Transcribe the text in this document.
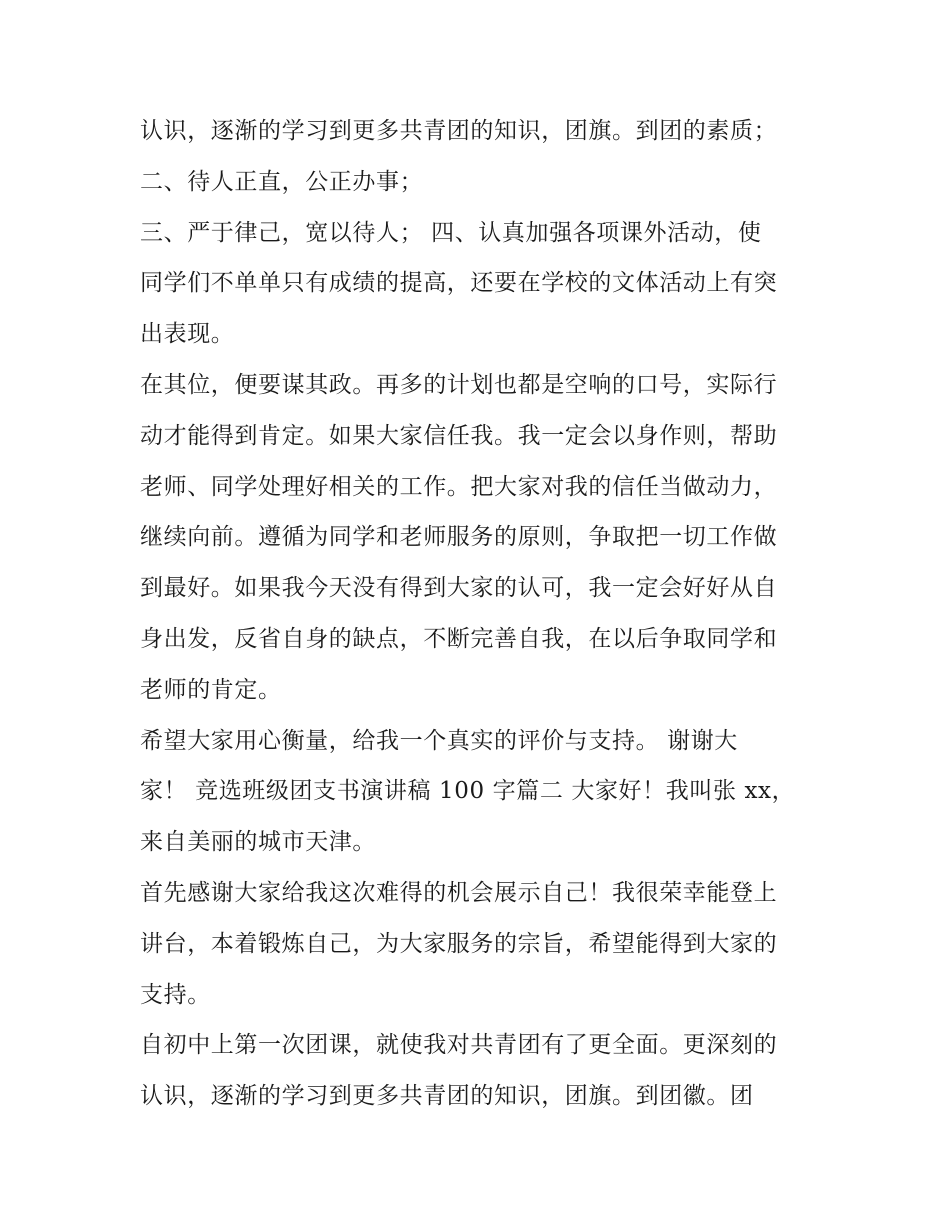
认识，逐渐的学习到更多共青团的知识，团旗。到团的素质；
二、待人正直，公正办事；
三、严于律己，宽以待人； 四、认真加强各项课外活动，使
同学们不单单只有成绩的提高，还要在学校的文体活动上有突
出表现。
在其位，便要谋其政。再多的计划也都是空响的口号，实际行
动才能得到肯定。如果大家信任我。我一定会以身作则，帮助
老师、同学处理好相关的工作。把大家对我的信任当做动力，
继续向前。遵循为同学和老师服务的原则，争取把一切工作做
到最好。如果我今天没有得到大家的认可，我一定会好好从自
身出发，反省自身的缺点，不断完善自我，在以后争取同学和
老师的肯定。
希望大家用心衡量，给我一个真实的评价与支持。 谢谢大
家！ 竞选班级团支书演讲稿 100 字篇二 大家好！我叫张 xx，
来自美丽的城市天津。
首先感谢大家给我这次难得的机会展示自己！我很荣幸能登上
讲台，本着锻炼自己，为大家服务的宗旨，希望能得到大家的
支持。
自初中上第一次团课，就使我对共青团有了更全面。更深刻的
认识，逐渐的学习到更多共青团的知识，团旗。到团徽。团
